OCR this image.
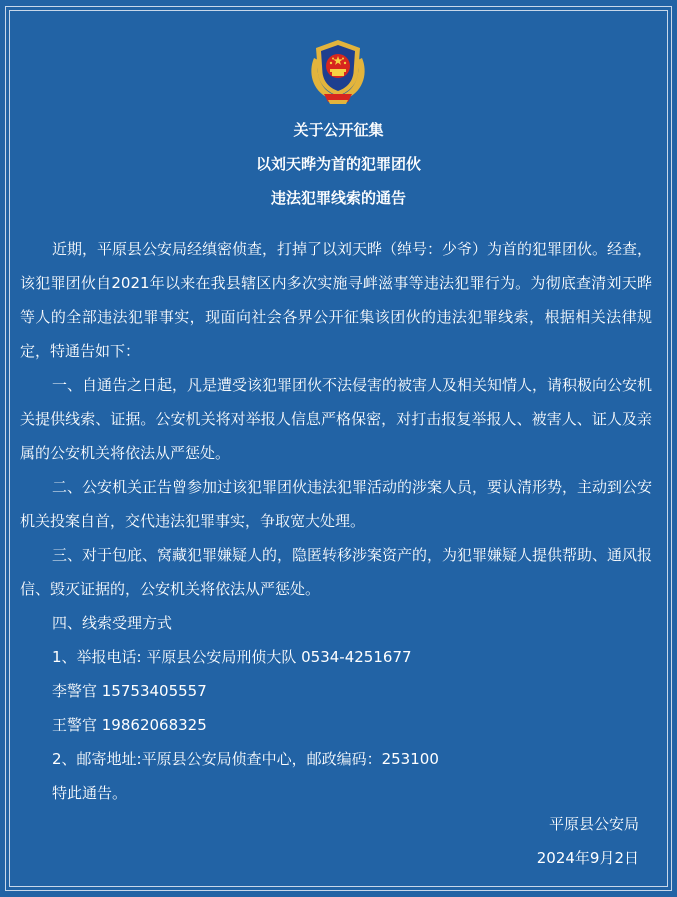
关于公开征集
以刘天晔为首的犯罪团伙
违法犯罪线索的通告

近期，平原县公安局经缜密侦查，打掉了以刘天晔（绰号：少爷）为首的犯罪团伙。经查，该犯罪团伙自2021年以来在我县辖区内多次实施寻衅滋事等违法犯罪行为。为彻底查清刘天晔等人的全部违法犯罪事实，现面向社会各界公开征集该团伙的违法犯罪线索，根据相关法律规定，特通告如下：

一、自通告之日起，凡是遭受该犯罪团伙不法侵害的被害人及相关知情人，请积极向公安机关提供线索、证据。公安机关将对举报人信息严格保密，对打击报复举报人、被害人、证人及亲属的公安机关将依法从严惩处。

二、公安机关正告曾参加过该犯罪团伙违法犯罪活动的涉案人员，要认清形势，主动到公安机关投案自首，交代违法犯罪事实，争取宽大处理。

三、对于包庇、窝藏犯罪嫌疑人的，隐匿转移涉案资产的，为犯罪嫌疑人提供帮助、通风报信、毁灭证据的，公安机关将依法从严惩处。

四、线索受理方式

1、举报电话: 平原县公安局刑侦大队 0534-4251677

李警官 15753405557

王警官 19862068325

2、邮寄地址:平原县公安局侦查中心，邮政编码：253100

特此通告。

平原县公安局
2024年9月2日
